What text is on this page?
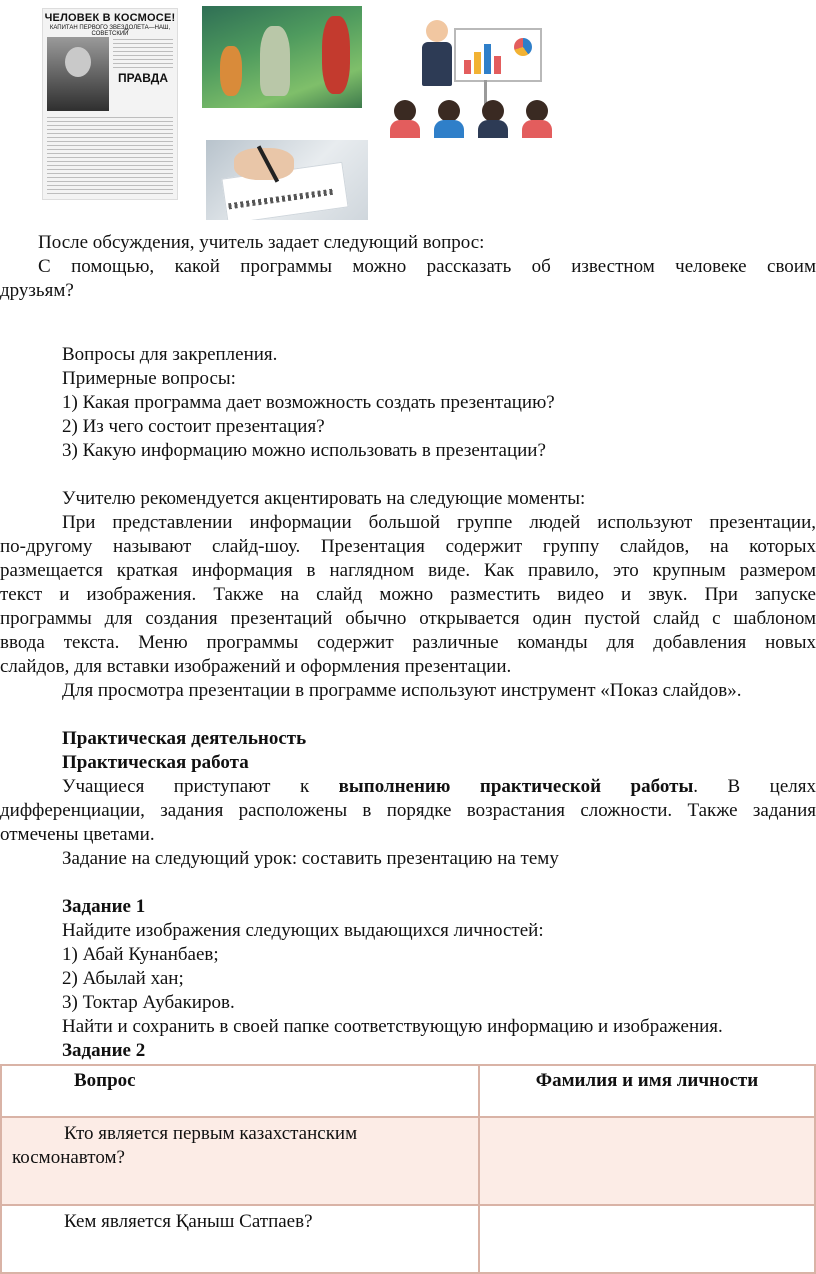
ЧЕЛОВЕК В КОСМОСЕ!
КАПИТАН ПЕРВОГО ЗВЕЗДОЛЕТА—НАШ, СОВЕТСКИЙ
ПРАВДА
После обсуждения, учитель задает следующий вопрос:
С помощью, какой программы можно рассказать об известном человеке своим
друзьям?
Вопросы для закрепления.
Примерные вопросы:
1) Какая программа дает возможность создать презентацию?
2) Из чего состоит презентация?
3) Какую информацию можно использовать в презентации?
Учителю рекомендуется акцентировать на следующие моменты:
При представлении информации большой группе людей используют презентации,
по-другому называют слайд-шоу. Презентация содержит группу слайдов, на которых
размещается краткая информация в наглядном виде. Как правило, это крупным размером
текст и изображения. Также на слайд можно разместить видео и звук. При запуске
программы для создания презентаций обычно открывается один пустой слайд с шаблоном
ввода текста. Меню программы содержит различные команды для добавления новых
слайдов, для вставки изображений и оформления презентации.
Для просмотра презентации в программе используют инструмент «Показ слайдов».
Практическая деятельность
Практическая работа
Учащиеся приступают к выполнению практической работы. В целях
дифференциации, задания расположены в порядке возрастания сложности. Также задания
отмечены цветами.
Задание на следующий урок: составить презентацию на тему
Задание 1
Найдите изображения следующих выдающихся личностей:
1) Абай Кунанбаев;
2) Абылай хан;
3) Токтар Аубакиров.
Найти и сохранить в своей папке соответствующую информацию и изображения.
Задание 2
Вопрос	Фамилия и имя личности

Кто является первым казахстанским
космонавтом?	

Кем является Қаныш Сатпаев?	
